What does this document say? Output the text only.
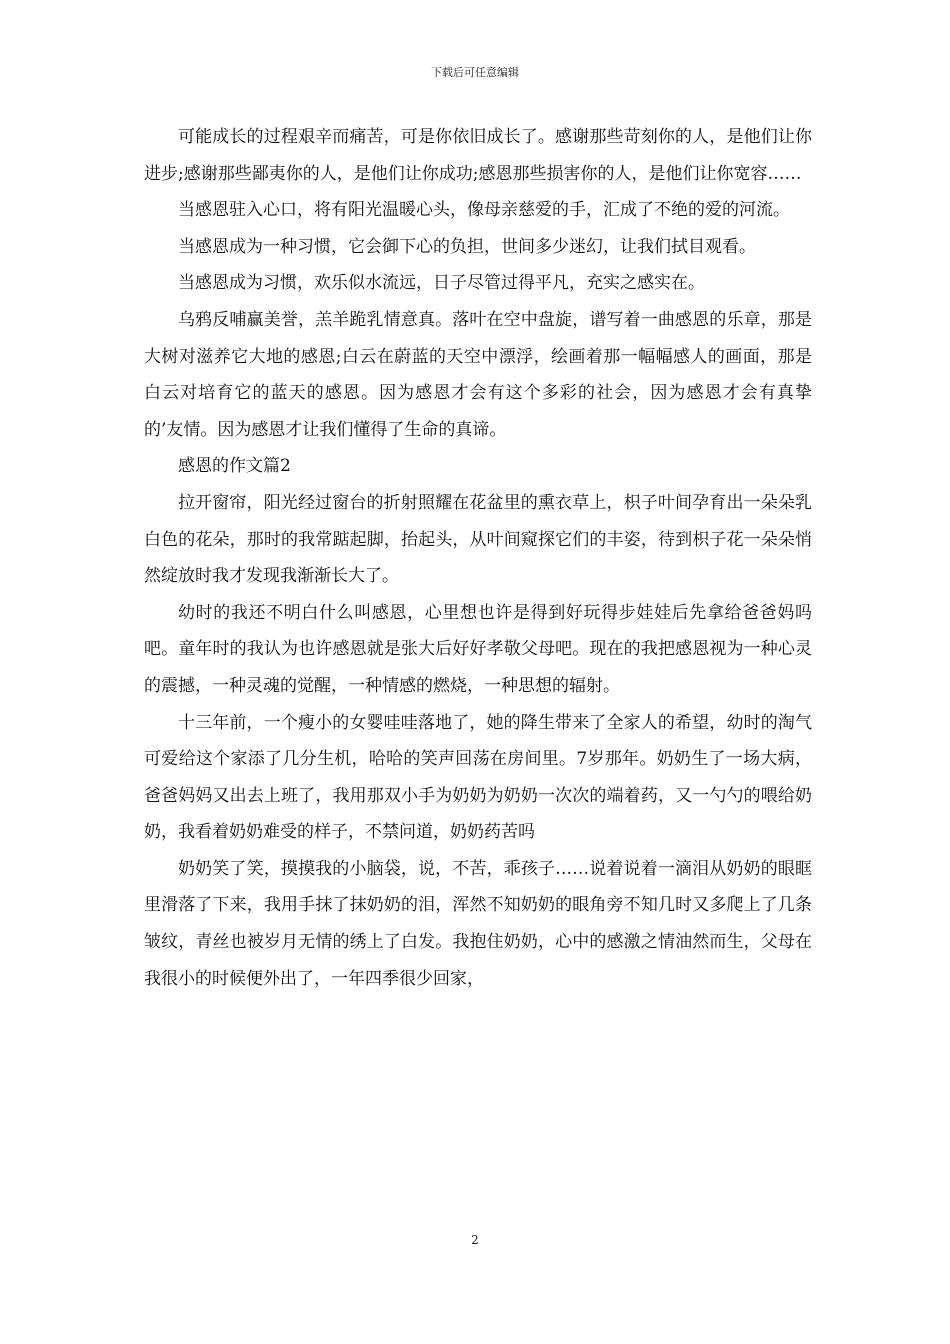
下载后可任意编辑

可能成长的过程艰辛而痛苦，可是你依旧成长了。感谢那些苛刻你的人，是他们让你进步;感谢那些鄙夷你的人，是他们让你成功;感恩那些损害你的人，是他们让你宽容……

当感恩驻入心口，将有阳光温暖心头，像母亲慈爱的手，汇成了不绝的爱的河流。

当感恩成为一种习惯，它会御下心的负担，世间多少迷幻，让我们拭目观看。

当感恩成为习惯，欢乐似水流远，日子尽管过得平凡，充实之感实在。

乌鸦反哺赢美誉，羔羊跪乳情意真。落叶在空中盘旋，谱写着一曲感恩的乐章，那是大树对滋养它大地的感恩;白云在蔚蓝的天空中漂浮，绘画着那一幅幅感人的画面，那是白云对培育它的蓝天的感恩。因为感恩才会有这个多彩的社会，因为感恩才会有真挚的’友情。因为感恩才让我们懂得了生命的真谛。

感恩的作文篇2

拉开窗帘，阳光经过窗台的折射照耀在花盆里的熏衣草上，枳子叶间孕育出一朵朵乳白色的花朵，那时的我常踮起脚，抬起头，从叶间窥探它们的丰姿，待到枳子花一朵朵悄然绽放时我才发现我渐渐长大了。

幼时的我还不明白什么叫感恩，心里想也许是得到好玩得步娃娃后先拿给爸爸妈吗吧。童年时的我认为也许感恩就是张大后好好孝敬父母吧。现在的我把感恩视为一种心灵的震撼，一种灵魂的觉醒，一种情感的燃烧，一种思想的辐射。

十三年前，一个瘦小的女婴哇哇落地了，她的降生带来了全家人的希望，幼时的淘气可爱给这个家添了几分生机，哈哈的笑声回荡在房间里。7岁那年。奶奶生了一场大病，爸爸妈妈又出去上班了，我用那双小手为奶奶为奶奶一次次的端着药，又一勺勺的喂给奶奶，我看着奶奶难受的样子，不禁问道，奶奶药苦吗

奶奶笑了笑，摸摸我的小脑袋，说，不苦，乖孩子……说着说着一滴泪从奶奶的眼眶里滑落了下来，我用手抹了抹奶奶的泪，浑然不知奶奶的眼角旁不知几时又多爬上了几条皱纹，青丝也被岁月无情的绣上了白发。我抱住奶奶，心中的感激之情油然而生，父母在我很小的时候便外出了，一年四季很少回家，

2
